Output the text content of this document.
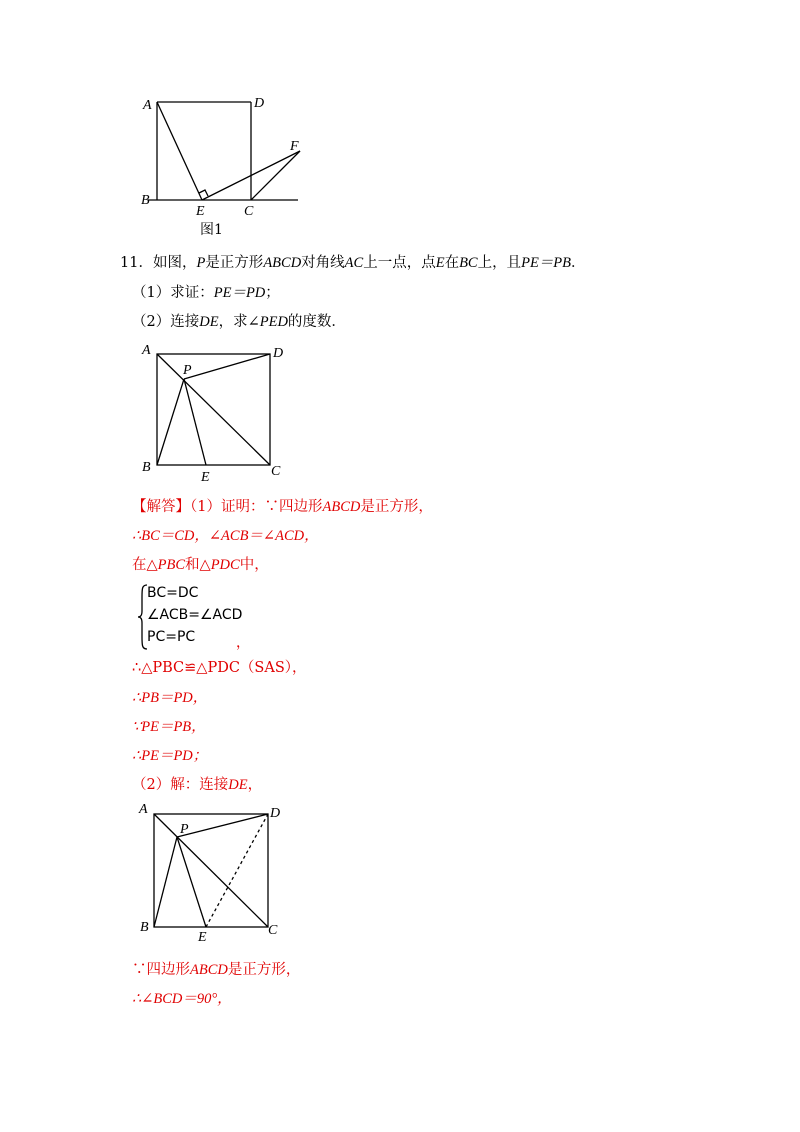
A	D
B
E	C
F
图1
11．如图，P是正方形ABCD对角线AC上一点，点E在BC上，且PE＝PB．
（1）求证：PE＝PD；
（2）连接DE，求∠PED的度数．
A	D
P
B
E	C
【解答】（1）证明：∵四边形ABCD是正方形，
∴BC＝CD，∠ACB＝∠ACD，
在△PBC和△PDC中，
BC=DC
∠ACB=∠ACD
PC=PC	，
∴△PBC≌△PDC（SAS），
∴PB＝PD，
∵PE＝PB，
∴PE＝PD；
（2）解：连接DE，
A	D
P
B
E	C
∵四边形ABCD是正方形，
∴∠BCD＝90°，
